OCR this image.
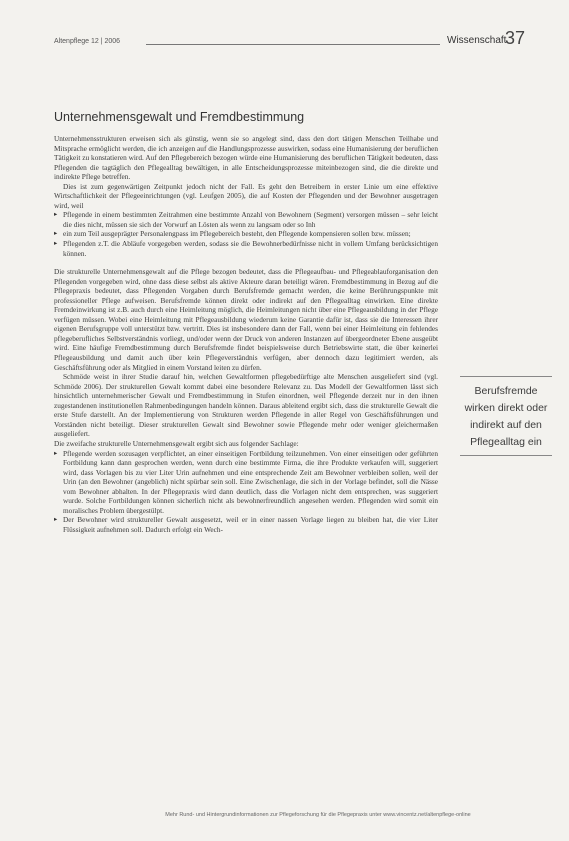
Altenpflege 12 | 2006	Wissenschaft
37
Unternehmensgewalt und Fremdbestimmung

Unternehmensstrukturen erweisen sich als günstig, wenn sie so angelegt sind, dass den dort tätigen Menschen Teilhabe und Mitsprache ermöglicht werden, die ich anzeigen auf die Handlungsprozesse auswirken, sodass eine Humanisierung der beruflichen Tätigkeit zu konstatieren wird. Auf den Pflegebereich bezogen würde eine Humanisierung des beruflichen Tätigkeit bedeuten, dass Pflegenden die tagtäglich den Pflegealltag bewältigen, in alle Entscheidungsprozesse miteinbezogen sind, die die direkte und indirekte Pflege betreffen.

Dies ist zum gegenwärtigen Zeitpunkt jedoch nicht der Fall. Es geht den Betreibern in erster Linie um eine effektive Wirtschaftlichkeit der Pflegeeinrichtungen (vgl. Leufgen 2005), die auf Kosten der Pflegenden und der Bewohner ausgetragen wird, weil

▸ Pflegende in einem bestimmten Zeitrahmen eine bestimmte Anzahl von Bewohnern (Segment) versorgen müssen – sehr leicht die dies nicht, müssen sie sich der Vorwurf an Lösten als wenn zu langsam oder so Inh
▸ ein zum Teil ausgeprägter Personalengpass im Pflegebereich besteht, den Pflegende kompensieren sollen bzw. müssen;
▸ Pflegenden z.T. die Abläufe vorgegeben werden, sodass sie die Bewohnerbedürfnisse nicht in vollem Umfang berücksichtigen können.

Die strukturelle Unternehmensgewalt auf die Pflege bezogen bedeutet, dass die Pflegeaufbau- und Pflegeablauforganisation den Pflegenden vorgegeben wird, ohne dass diese selbst als aktive Akteure daran beteiligt wären. Fremdbestimmung in Bezug auf die Pflegepraxis bedeutet, dass Pflegenden Vorgaben durch Berufsfremde gemacht werden, die keine Berührungspunkte mit professioneller Pflege aufweisen. Berufsfremde können direkt oder indirekt auf den Pflegealltag einwirken. Eine direkte Fremdeinwirkung ist z.B. auch durch eine Heimleitung möglich, die Heimleitungen nicht über eine Pflegeausbildung in der Pflege verfügen müssen. Wobei eine Heimleitung mit Pflegeausbildung wiederum keine Garantie dafür ist, dass sie die Interessen ihrer eigenen Berufsgruppe voll unterstützt bzw. vertritt. Dies ist insbesondere dann der Fall, wenn bei einer Heimleitung ein fehlendes pflegeberufliches Selbstverständnis vorliegt, und/oder wenn der Druck von anderen Instanzen auf übergeordneter Ebene ausgeübt wird. Eine häufige Fremdbestimmung durch Berufsfremde findet beispielsweise durch Betriebswirte statt, die über keinerlei Pflegeausbildung und damit auch über kein Pflegeverständnis verfügen, aber dennoch dazu legitimiert werden, als Geschäftsführung oder als Mitglied in einem Vorstand leiten zu dürfen.

Schmöde weist in ihrer Studie darauf hin, welchen Gewaltformen pflegebedürftige alte Menschen ausgeliefert sind (vgl. Schmöde 2006). Der strukturellen Gewalt kommt dabei eine besondere Relevanz zu. Das Modell der Gewaltformen lässt sich hinsichtlich unternehmerischer Gewalt und Fremdbestimmung in Stufen einordnen, weil Pflegende derzeit nur in den ihnen zugestandenen institutionellen Rahmenbedingungen handeln können. Daraus ableitend ergibt sich, dass die strukturelle Gewalt die erste Stufe darstellt. An der Implementierung von Strukturen werden Pflegende in aller Regel von Geschäftsführungen und Vorständen nicht beteiligt. Dieser strukturellen Gewalt sind Bewohner sowie Pflegende mehr oder weniger gleichermaßen ausgeliefert.

Die zweifache strukturelle Unternehmensgewalt ergibt sich aus folgender Sachlage:

▸ Pflegende werden sozusagen verpflichtet, an einer einseitigen Fortbildung teilzunehmen. Von einer einseitigen oder geführten Fortbildung kann dann gesprochen werden, wenn durch eine bestimmte Firma, die ihre Produkte verkaufen will, suggeriert wird, dass Vorlagen bis zu vier Liter Urin aufnehmen und eine entsprechende Zeit am Bewohner verbleiben sollen, weil der Urin (an den Bewohner (angeblich) nicht spürbar sein soll. Eine Zwischenlage, die sich in der Vorlage befindet, soll die Nässe vom Bewohner abhalten. In der Pflegepraxis wird dann deutlich, dass die Vorlagen nicht dem entsprechen, was suggeriert wurde. Solche Fortbildungen können sicherlich nicht als bewohnerfreundlich angesehen werden. Pflegenden wird somit ein moralisches Problem übergestülpt.
▸ Der Bewohner wird struktureller Gewalt ausgesetzt, weil er in einer nassen Vorlage liegen zu bleiben hat, die vier Liter Flüssigkeit aufnehmen soll. Dadurch erfolgt ein Wech-
Berufsfremde wirken direkt oder indirekt auf den Pflegealltag ein
Mehr Rund- und Hintergrundinformationen zur Pflegeforschung für die Pflegepraxis unter www.vincentz.net/altenpflege-online
